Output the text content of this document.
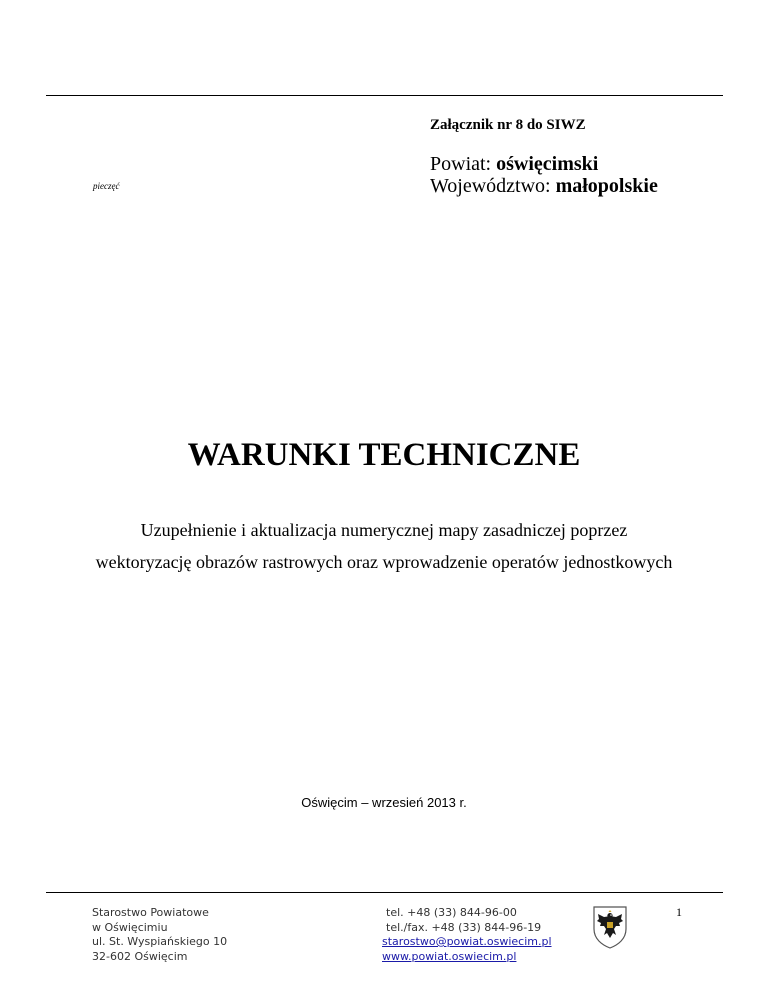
Załącznik nr 8 do SIWZ
pieczęć
Powiat: oświęcimski
Województwo: małopolskie
WARUNKI TECHNICZNE
Uzupełnienie i aktualizacja numerycznej mapy zasadniczej poprzez
wektoryzację obrazów rastrowych oraz wprowadzenie operatów jednostkowych
Oświęcim – wrzesień 2013 r.
Starostwo Powiatowe
w Oświęcimiu
ul. St. Wyspiańskiego 10
32-602 Oświęcim
tel. +48 (33) 844-96-00
tel./fax. +48 (33) 844-96-19
starostwo@powiat.oswiecim.pl
www.powiat.oswiecim.pl
1
